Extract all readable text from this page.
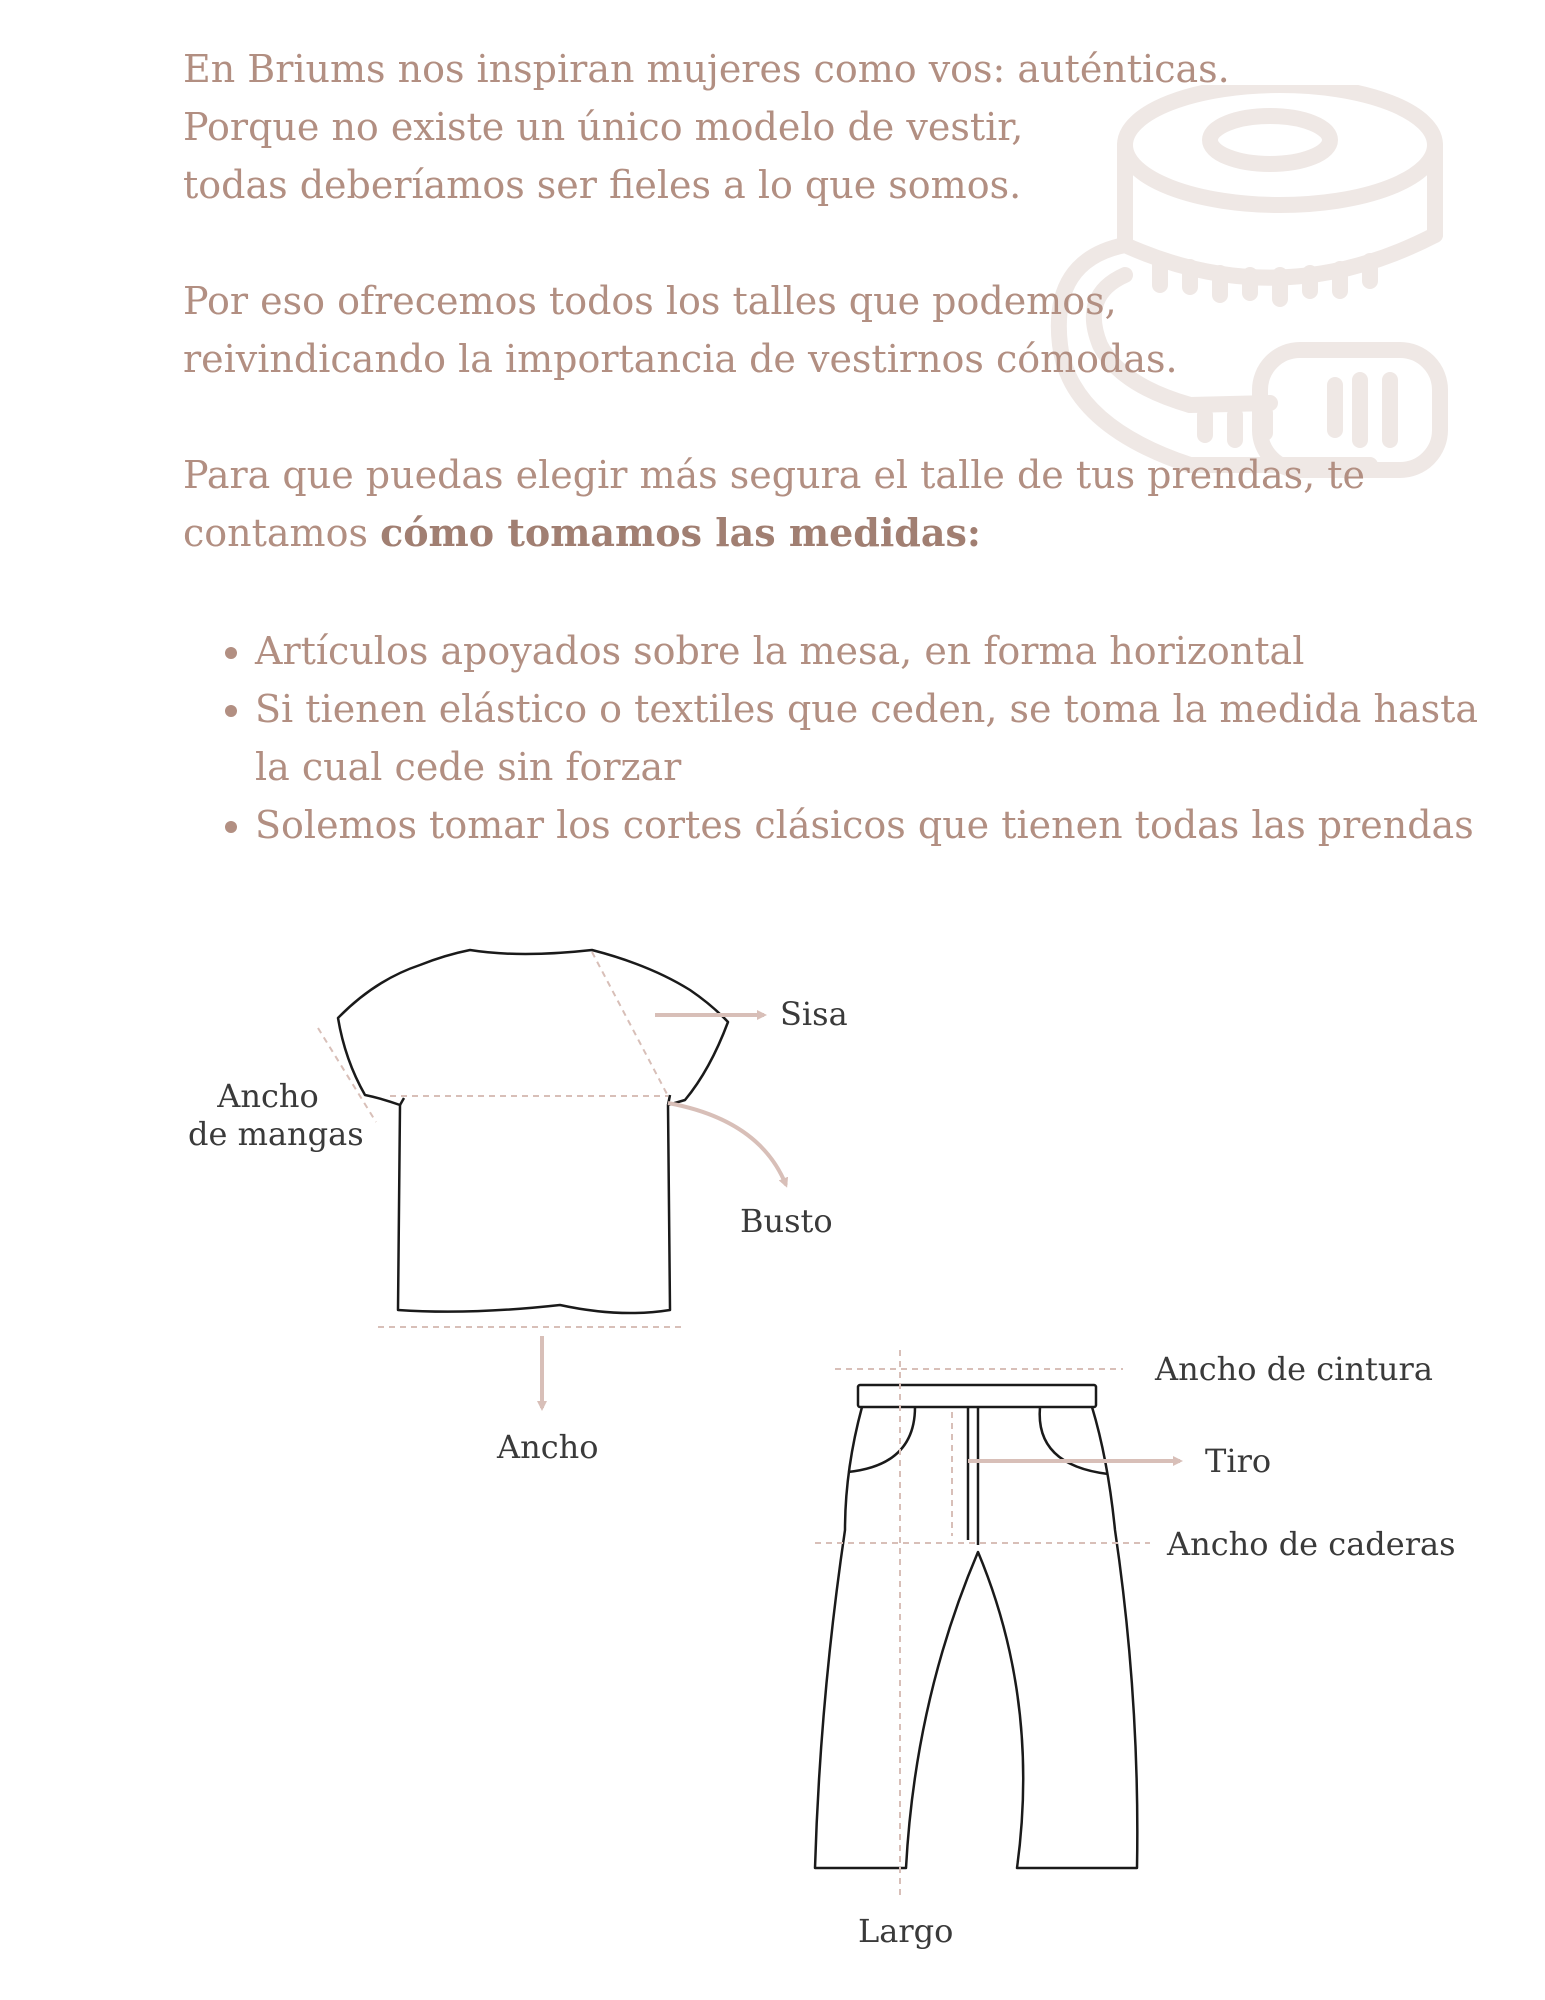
En Briums nos inspiran mujeres como vos: auténticas.
Porque no existe un único modelo de vestir,
todas deberíamos ser fieles a lo que somos.

Por eso ofrecemos todos los talles que podemos,
reivindicando la importancia de vestirnos cómodas.

Para que puedas elegir más segura el talle de tus prendas, te
contamos cómo tomamos las medidas:

• Artículos apoyados sobre la mesa, en forma horizontal
• Si tienen elástico o textiles que ceden, se toma la medida hasta la cual cede sin forzar
• Solemos tomar los cortes clásicos que tienen todas las prendas
Sisa
Ancho
de mangas
Busto
Ancho
Ancho de cintura
Tiro
Ancho de caderas
Largo
